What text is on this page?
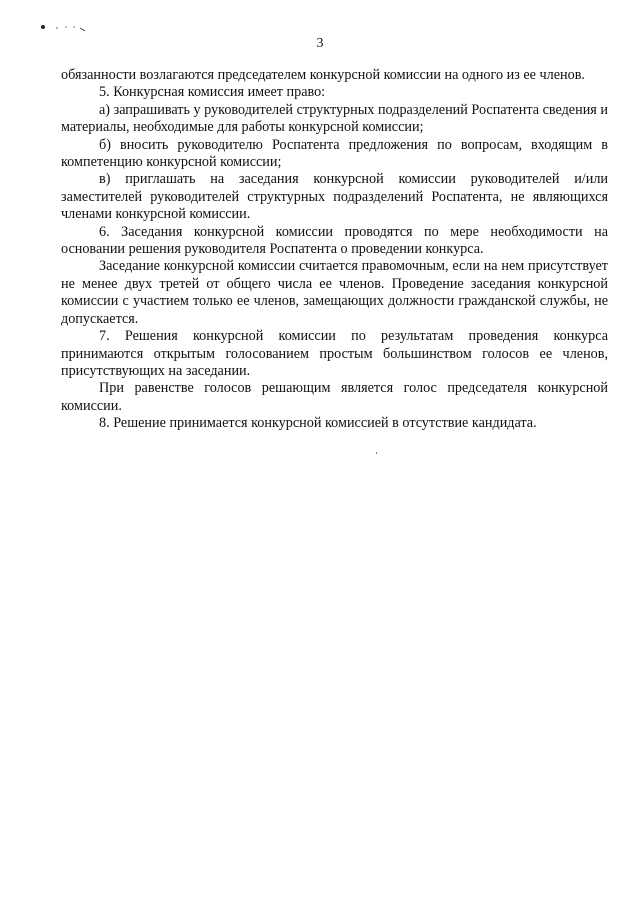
3

обязанности возлагаются председателем конкурсной комиссии на одного из ее членов.

5. Конкурсная комиссия имеет право:

а) запрашивать у руководителей структурных подразделений Роспатента сведения и материалы, необходимые для работы конкурсной комиссии;

б) вносить руководителю Роспатента предложения по вопросам, входящим в компетенцию конкурсной комиссии;

в) приглашать на заседания конкурсной комиссии руководителей и/или заместителей руководителей структурных подразделений Роспатента, не являющихся членами конкурсной комиссии.

6. Заседания конкурсной комиссии проводятся по мере необходимости на основании решения руководителя Роспатента о проведении конкурса.

Заседание конкурсной комиссии считается правомочным, если на нем присутствует не менее двух третей от общего числа ее членов. Проведение заседания конкурсной комиссии с участием только ее членов, замещающих должности гражданской службы, не допускается.

7. Решения конкурсной комиссии по результатам проведения конкурса принимаются открытым голосованием простым большинством голосов ее членов, присутствующих на заседании.

При равенстве голосов решающим является голос председателя конкурсной комиссии.

8. Решение принимается конкурсной комиссией в отсутствие кандидата.
